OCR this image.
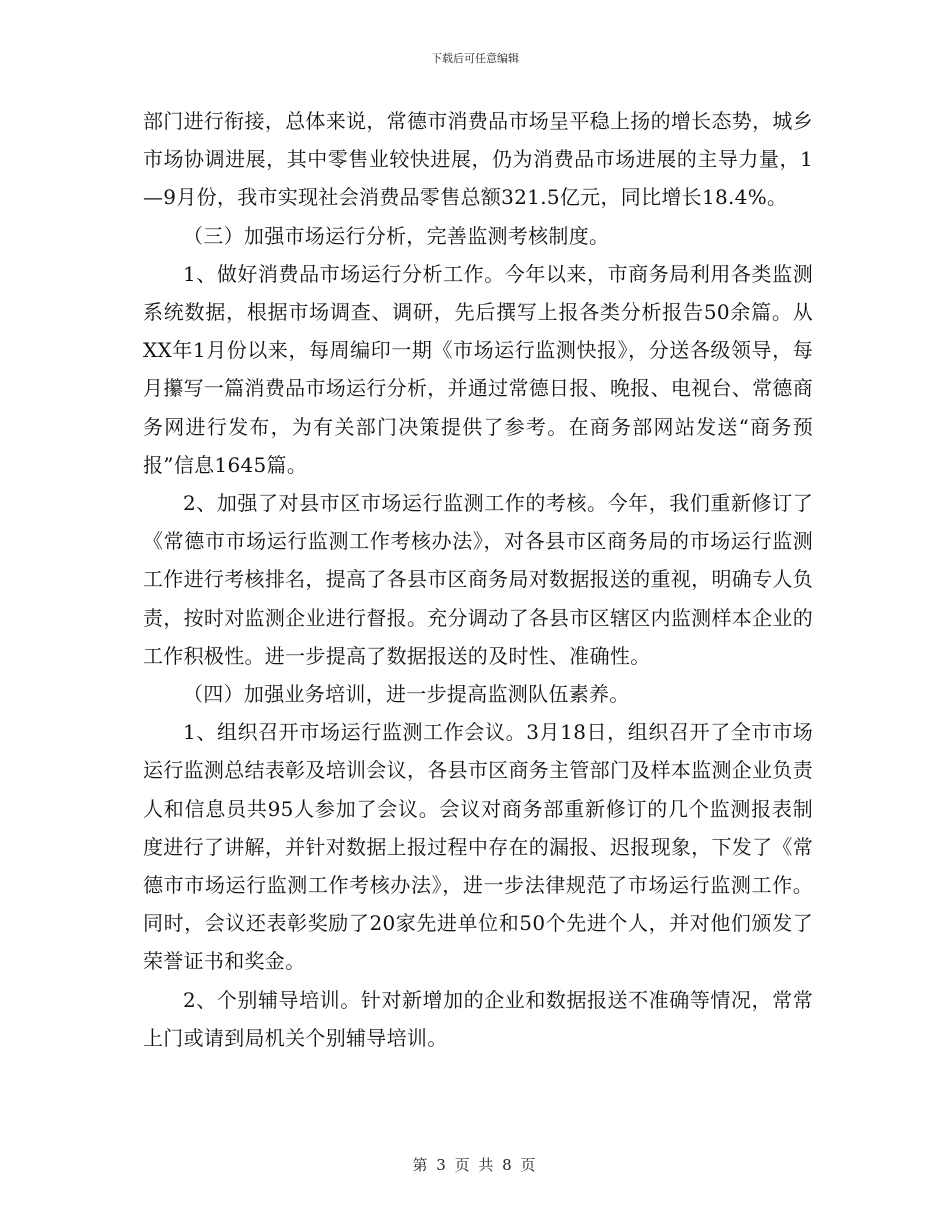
下载后可任意编辑

部门进行衔接，总体来说，常德市消费品市场呈平稳上扬的增长态势，城乡市场协调进展，其中零售业较快进展，仍为消费品市场进展的主导力量，1—9月份，我市实现社会消费品零售总额321.5亿元，同比增长18.4%。

（三）加强市场运行分析，完善监测考核制度。

1、做好消费品市场运行分析工作。今年以来，市商务局利用各类监测系统数据，根据市场调查、调研，先后撰写上报各类分析报告50余篇。从XX年1月份以来，每周编印一期《市场运行监测快报》，分送各级领导，每月攥写一篇消费品市场运行分析，并通过常德日报、晚报、电视台、常德商务网进行发布，为有关部门决策提供了参考。在商务部网站发送“商务预报”信息1645篇。

2、加强了对县市区市场运行监测工作的考核。今年，我们重新修订了《常德市市场运行监测工作考核办法》，对各县市区商务局的市场运行监测工作进行考核排名，提高了各县市区商务局对数据报送的重视，明确专人负责，按时对监测企业进行督报。充分调动了各县市区辖区内监测样本企业的工作积极性。进一步提高了数据报送的及时性、准确性。

（四）加强业务培训，进一步提高监测队伍素养。

1、组织召开市场运行监测工作会议。3月18日，组织召开了全市市场运行监测总结表彰及培训会议，各县市区商务主管部门及样本监测企业负责人和信息员共95人参加了会议。会议对商务部重新修订的几个监测报表制度进行了讲解，并针对数据上报过程中存在的漏报、迟报现象，下发了《常德市市场运行监测工作考核办法》，进一步法律规范了市场运行监测工作。同时，会议还表彰奖励了20家先进单位和50个先进个人，并对他们颁发了荣誉证书和奖金。

2、个别辅导培训。针对新增加的企业和数据报送不准确等情况，常常上门或请到局机关个别辅导培训。

第 3 页 共 8 页
